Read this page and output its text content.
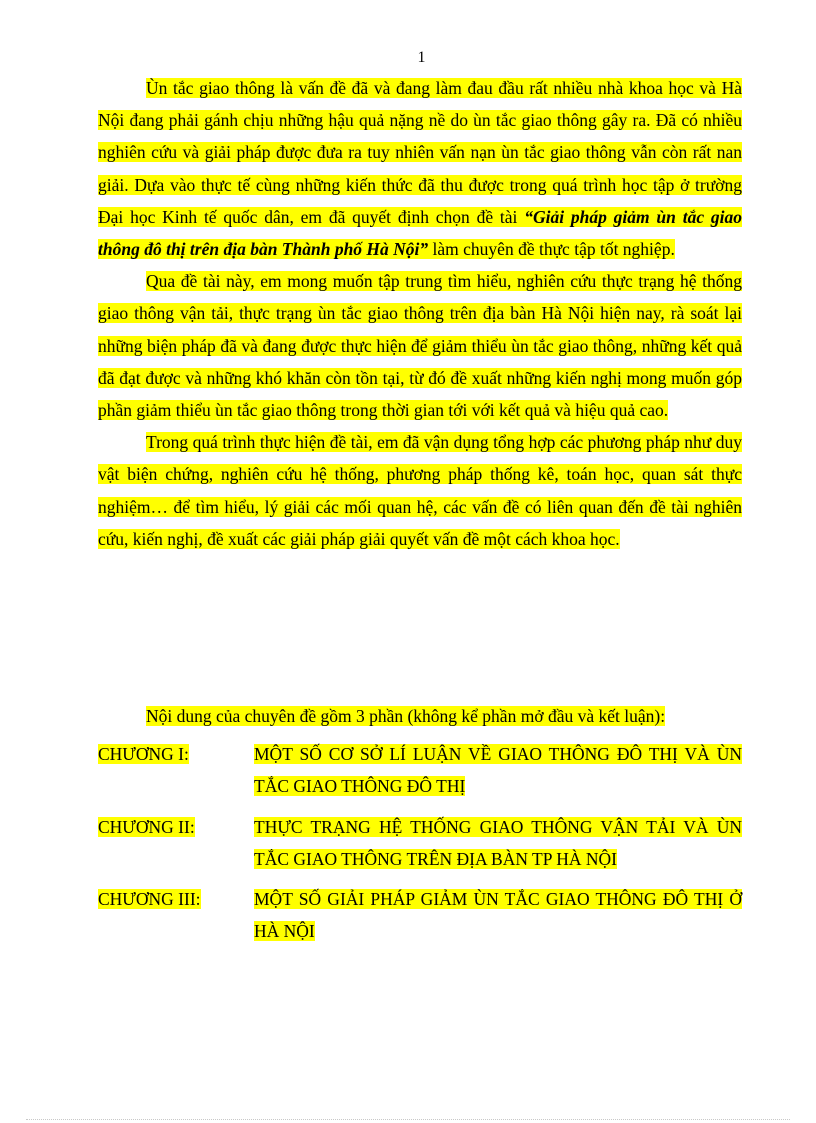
1

Ùn tắc giao thông là vấn đề đã và đang làm đau đầu rất nhiều nhà khoa học và Hà Nội đang phải gánh chịu những hậu quả nặng nề do ùn tắc giao thông gây ra. Đã có nhiều nghiên cứu và giải pháp được đưa ra tuy nhiên vấn nạn ùn tắc giao thông vẫn còn rất nan giải. Dựa vào thực tế cùng những kiến thức đã thu được trong quá trình học tập ở trường Đại học Kinh tế quốc dân, em đã quyết định chọn đề tài “Giải pháp giảm ùn tắc giao thông đô thị trên địa bàn Thành phố Hà Nội” làm chuyên đề thực tập tốt nghiệp.

Qua đề tài này, em mong muốn tập trung tìm hiểu, nghiên cứu thực trạng hệ thống giao thông vận tải, thực trạng ùn tắc giao thông trên địa bàn Hà Nội hiện nay, rà soát lại những biện pháp đã và đang được thực hiện để giảm thiểu ùn tắc giao thông, những kết quả đã đạt được và những khó khăn còn tồn tại, từ đó đề xuất những kiến nghị mong muốn góp phần giảm thiểu ùn tắc giao thông trong thời gian tới với kết quả và hiệu quả cao.

Trong quá trình thực hiện đề tài, em đã vận dụng tổng hợp các phương pháp như duy vật biện chứng, nghiên cứu hệ thống, phương pháp thống kê, toán học, quan sát thực nghiệm… để tìm hiểu, lý giải các mối quan hệ, các vấn đề có liên quan đến đề tài nghiên cứu, kiến nghị, đề xuất các giải pháp giải quyết vấn đề một cách khoa học.

Nội dung của chuyên đề gồm 3 phần (không kể phần mở đầu và kết luận):
CHƯƠNG I:	MỘT SỐ CƠ SỞ LÍ LUẬN VỀ GIAO THÔNG ĐÔ THỊ VÀ ÙN TẮC GIAO THÔNG ĐÔ THỊ
CHƯƠNG II:	THỰC TRẠNG HỆ THỐNG GIAO THÔNG VẬN TẢI VÀ ÙN TẮC GIAO THÔNG TRÊN ĐỊA BÀN TP HÀ NỘI
CHƯƠNG III:	MỘT SỐ GIẢI PHÁP GIẢM ÙN TẮC GIAO THÔNG ĐÔ THỊ Ở HÀ NỘI
